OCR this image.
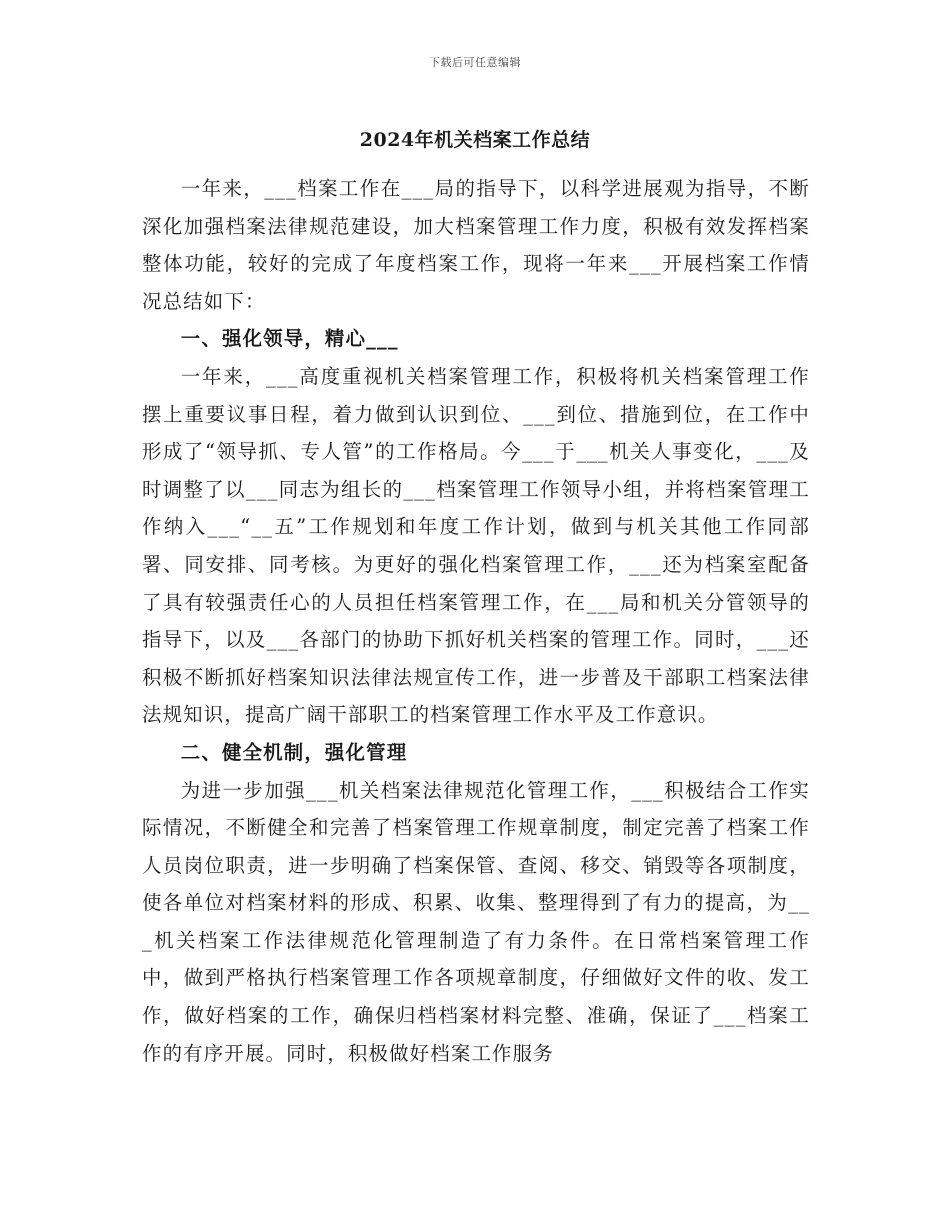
下载后可任意编辑
2024年机关档案工作总结

一年来，___档案工作在___局的指导下，以科学进展观为指导，不断深化加强档案法律规范建设，加大档案管理工作力度，积极有效发挥档案整体功能，较好的完成了年度档案工作，现将一年来___开展档案工作情况总结如下：

一、强化领导，精心___

一年来，___高度重视机关档案管理工作，积极将机关档案管理工作摆上重要议事日程，着力做到认识到位、___到位、措施到位，在工作中形成了“领导抓、专人管”的工作格局。今___于___机关人事变化，___及时调整了以___同志为组长的___档案管理工作领导小组，并将档案管理工作纳入___“__五”工作规划和年度工作计划，做到与机关其他工作同部署、同安排、同考核。为更好的强化档案管理工作，___还为档案室配备了具有较强责任心的人员担任档案管理工作，在___局和机关分管领导的指导下，以及___各部门的协助下抓好机关档案的管理工作。同时，___还积极不断抓好档案知识法律法规宣传工作，进一步普及干部职工档案法律法规知识，提高广阔干部职工的档案管理工作水平及工作意识。

二、健全机制，强化管理

为进一步加强___机关档案法律规范化管理工作，___积极结合工作实际情况，不断健全和完善了档案管理工作规章制度，制定完善了档案工作人员岗位职责，进一步明确了档案保管、查阅、移交、销毁等各项制度，使各单位对档案材料的形成、积累、收集、整理得到了有力的提高，为___机关档案工作法律规范化管理制造了有力条件。在日常档案管理工作中，做到严格执行档案管理工作各项规章制度，仔细做好文件的收、发工作，做好档案的工作，确保归档档案材料完整、准确，保证了___档案工作的有序开展。同时，积极做好档案工作服务
